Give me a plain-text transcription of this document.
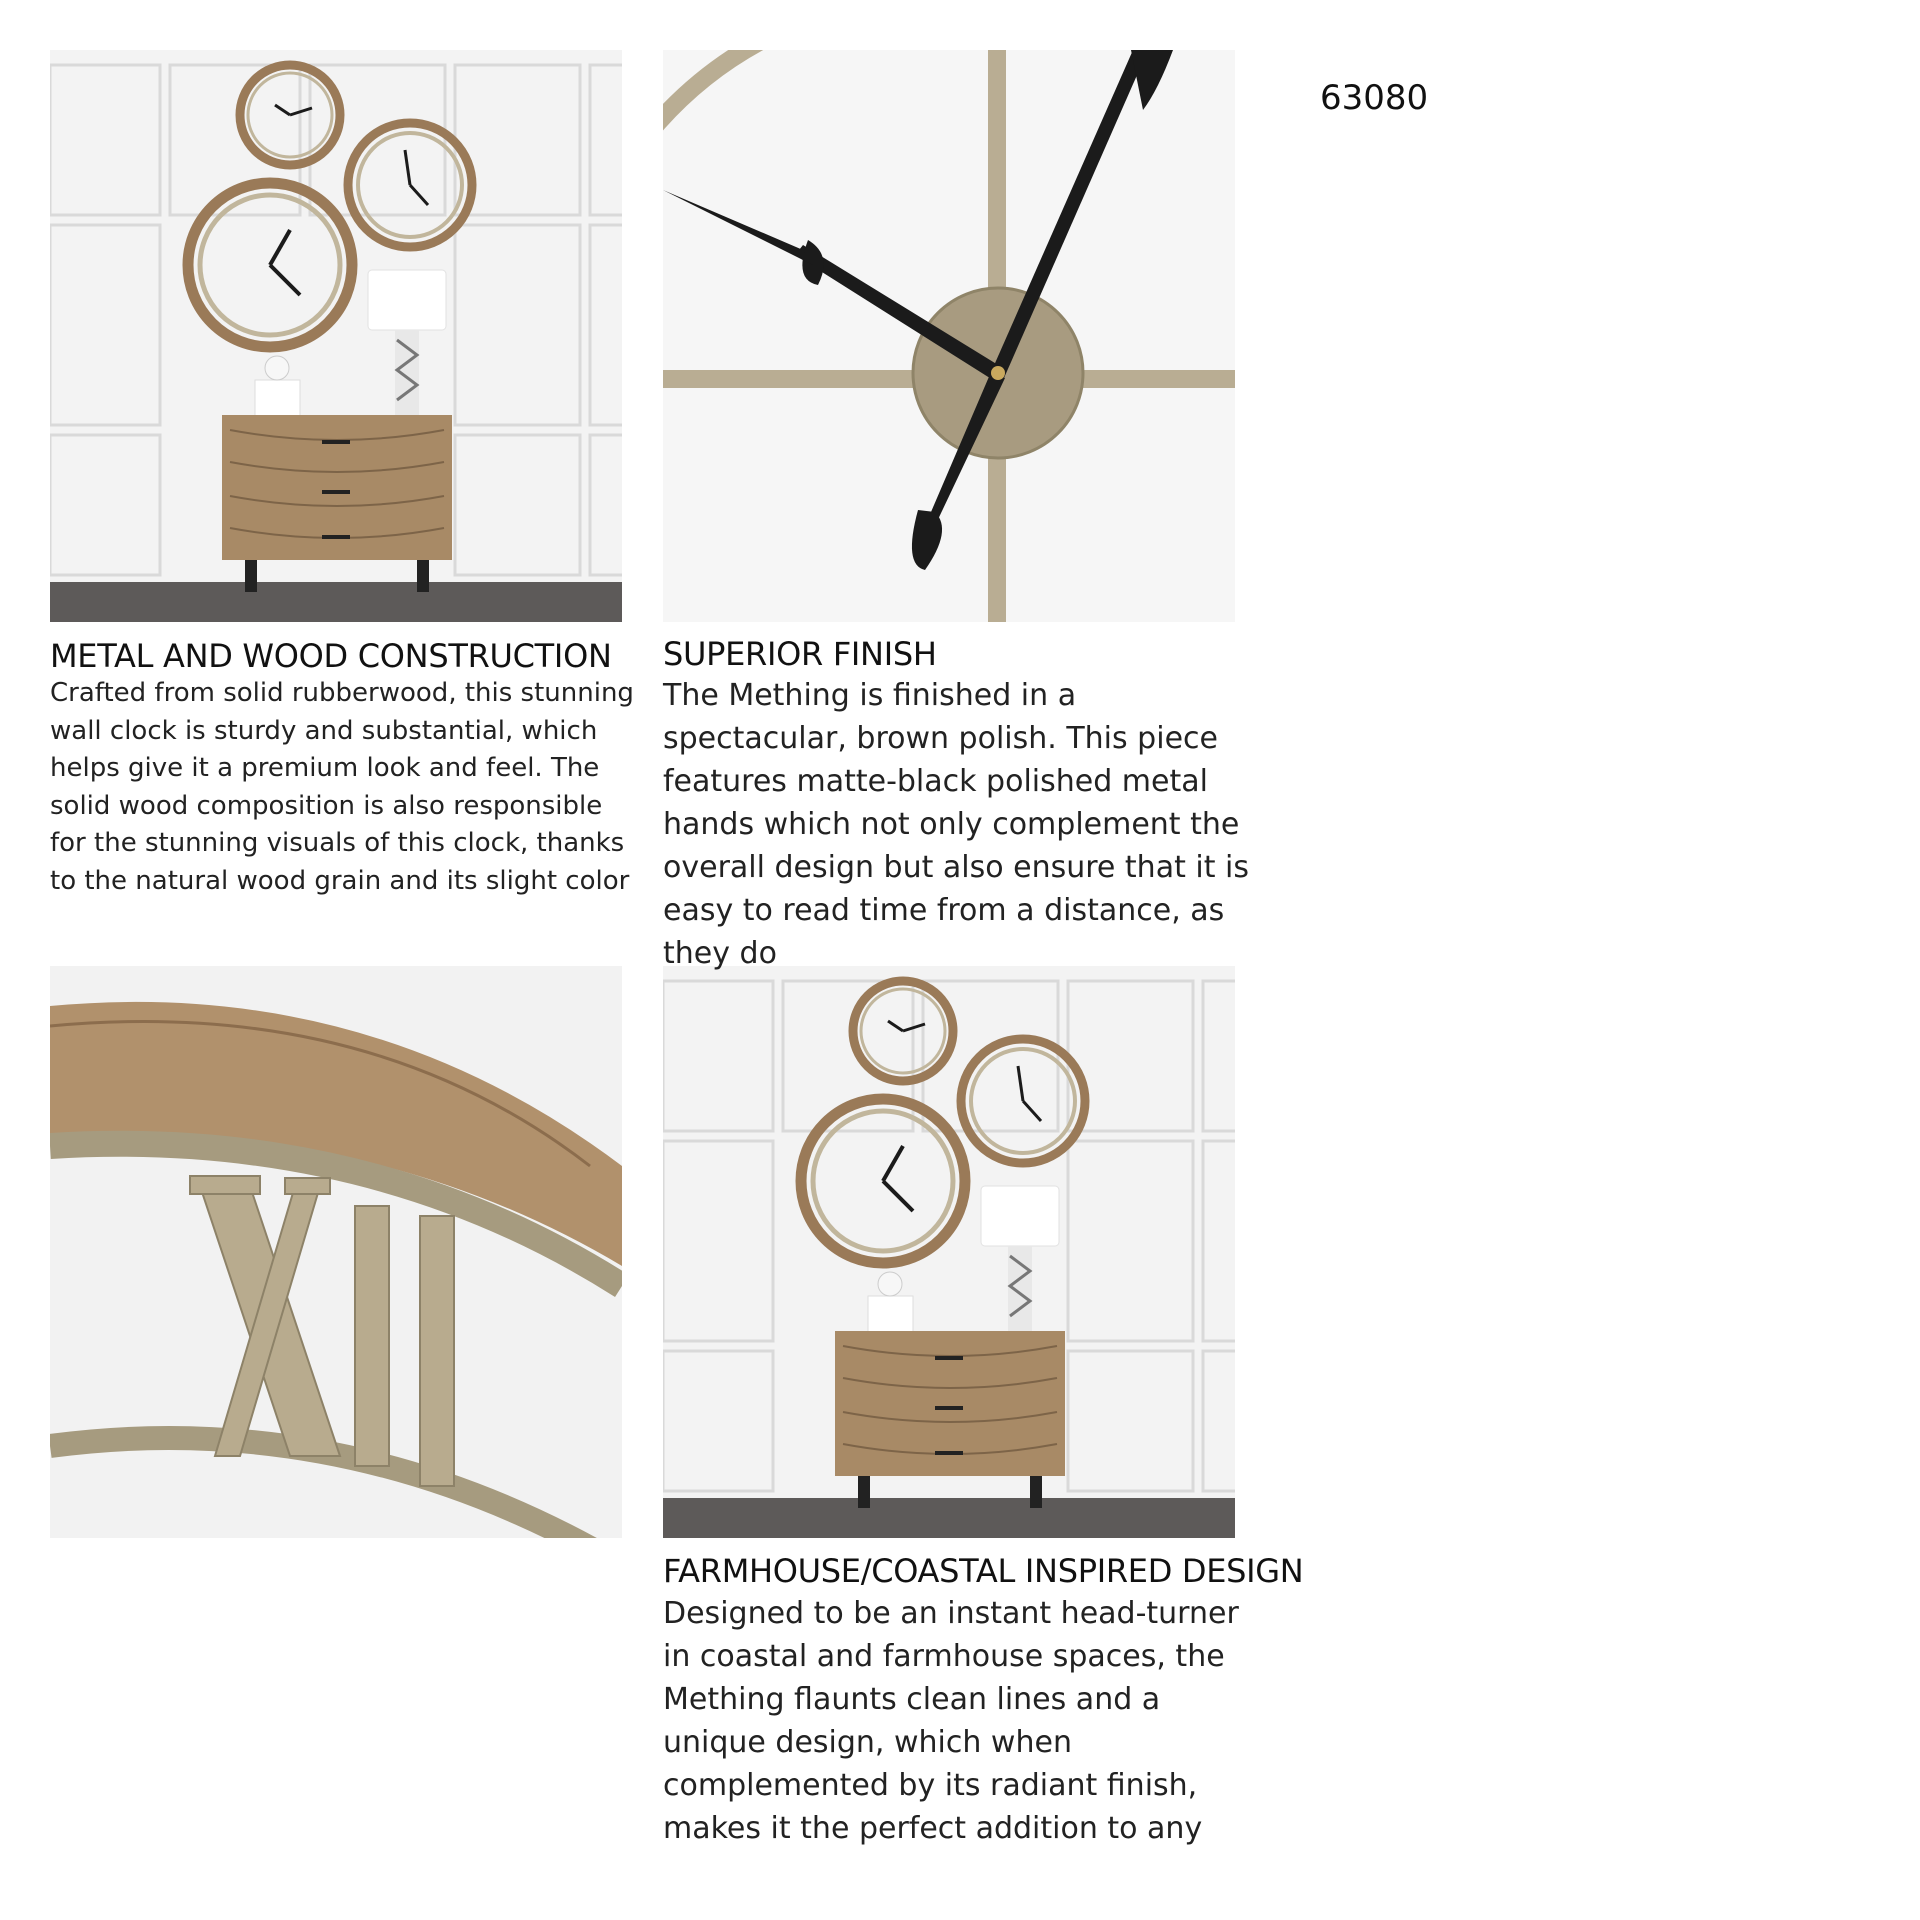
63080
METAL AND WOOD CONSTRUCTION
Crafted from solid rubberwood, this stunning wall clock is sturdy and substantial, which helps give it a premium look and feel. The solid wood composition is also responsible for the stunning visuals of this clock, thanks to the natural wood grain and its slight color
SUPERIOR FINISH
The Mething is finished in a spectacular, brown polish. This piece features matte-black polished metal hands which not only complement the overall design but also ensure that it is easy to read time from a distance, as they do
FARMHOUSE/COASTAL INSPIRED DESIGN
Designed to be an instant head-turner in coastal and farmhouse spaces, the Mething flaunts clean lines and a unique design, which when complemented by its radiant finish, makes it the perfect addition to any
